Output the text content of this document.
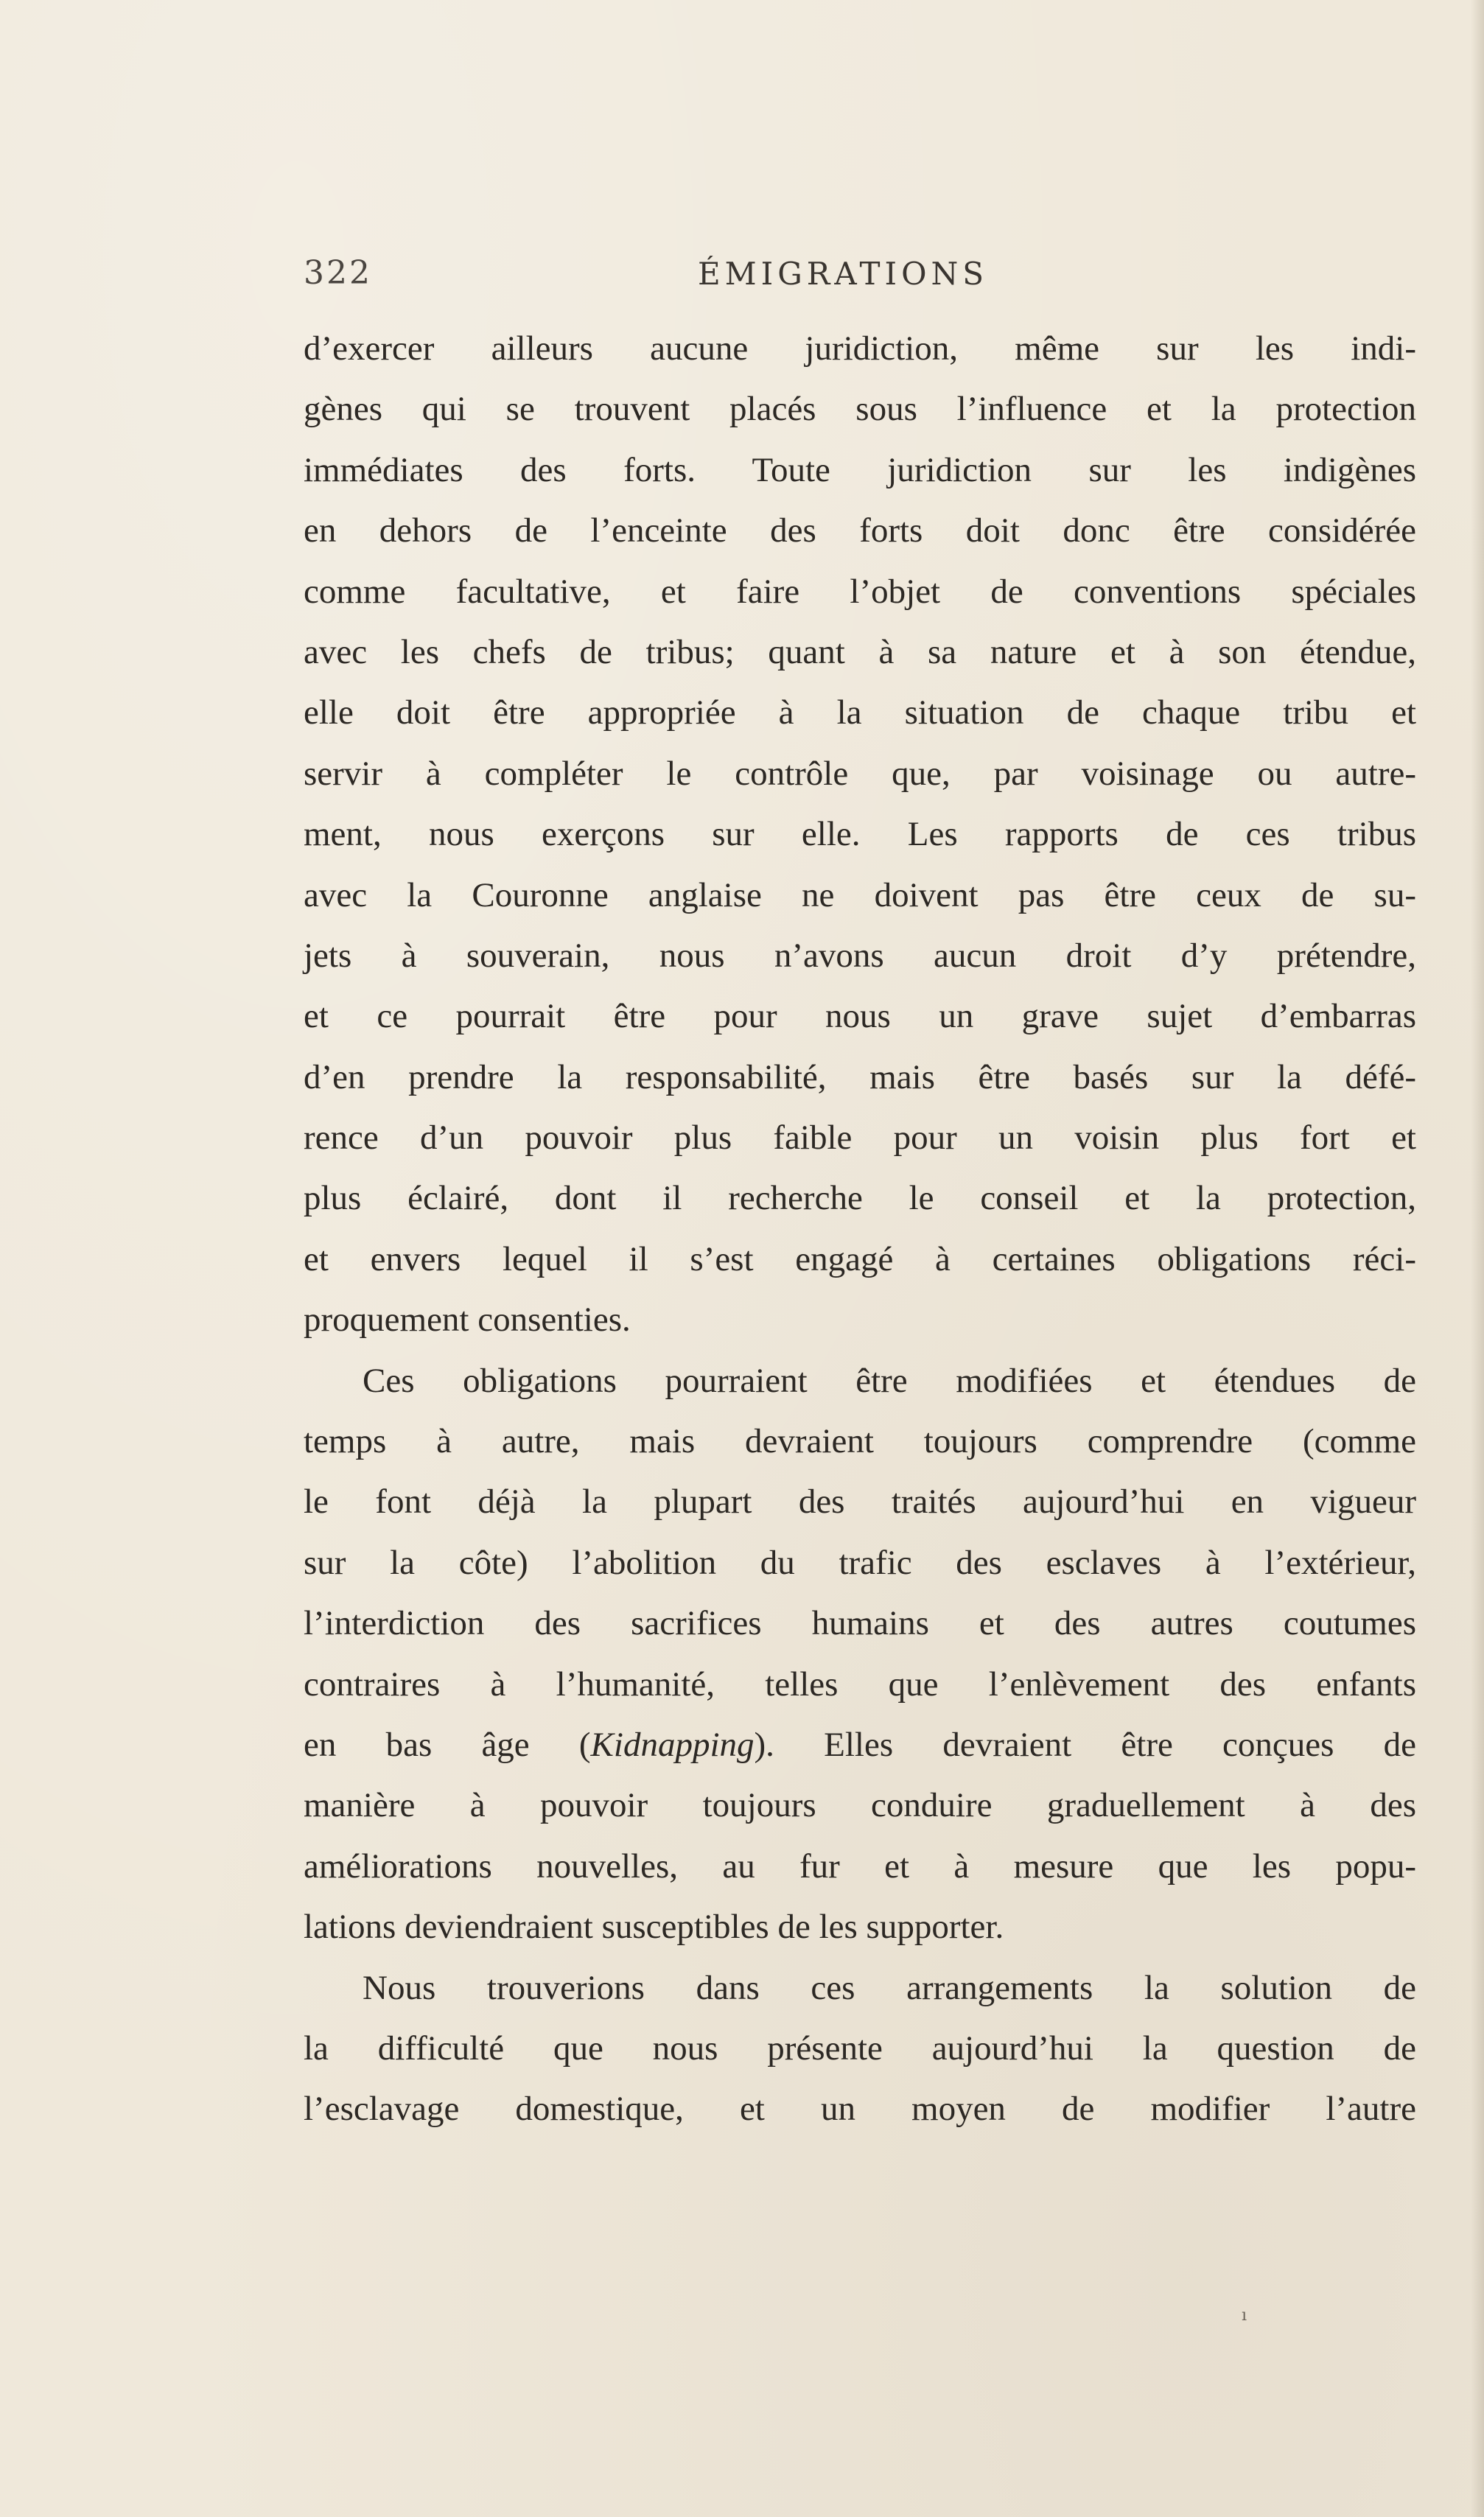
322	ÉMIGRATIONS
d’exercer ailleurs aucune juridiction, même sur les indi-
gènes qui se trouvent placés sous l’influence et la protection
immédiates des forts. Toute juridiction sur les indigènes
en dehors de l’enceinte des forts doit donc être considérée
comme facultative, et faire l’objet de conventions spéciales
avec les chefs de tribus; quant à sa nature et à son étendue,
elle doit être appropriée à la situation de chaque tribu et
servir à compléter le contrôle que, par voisinage ou autre-
ment, nous exerçons sur elle. Les rapports de ces tribus
avec la Couronne anglaise ne doivent pas être ceux de su-
jets à souverain, nous n’avons aucun droit d’y prétendre,
et ce pourrait être pour nous un grave sujet d’embarras
d’en prendre la responsabilité, mais être basés sur la défé-
rence d’un pouvoir plus faible pour un voisin plus fort et
plus éclairé, dont il recherche le conseil et la protection,
et envers lequel il s’est engagé à certaines obligations réci-
proquement consenties.
Ces obligations pourraient être modifiées et étendues de
temps à autre, mais devraient toujours comprendre (comme
le font déjà la plupart des traités aujourd’hui en vigueur
sur la côte) l’abolition du trafic des esclaves à l’extérieur,
l’interdiction des sacrifices humains et des autres coutumes
contraires à l’humanité, telles que l’enlèvement des enfants
en bas âge (Kidnapping). Elles devraient être conçues de
manière à pouvoir toujours conduire graduellement à des
améliorations nouvelles, au fur et à mesure que les popu-
lations deviendraient susceptibles de les supporter.
Nous trouverions dans ces arrangements la solution de
la difficulté que nous présente aujourd’hui la question de
l’esclavage domestique, et un moyen de modifier l’autre
ı
